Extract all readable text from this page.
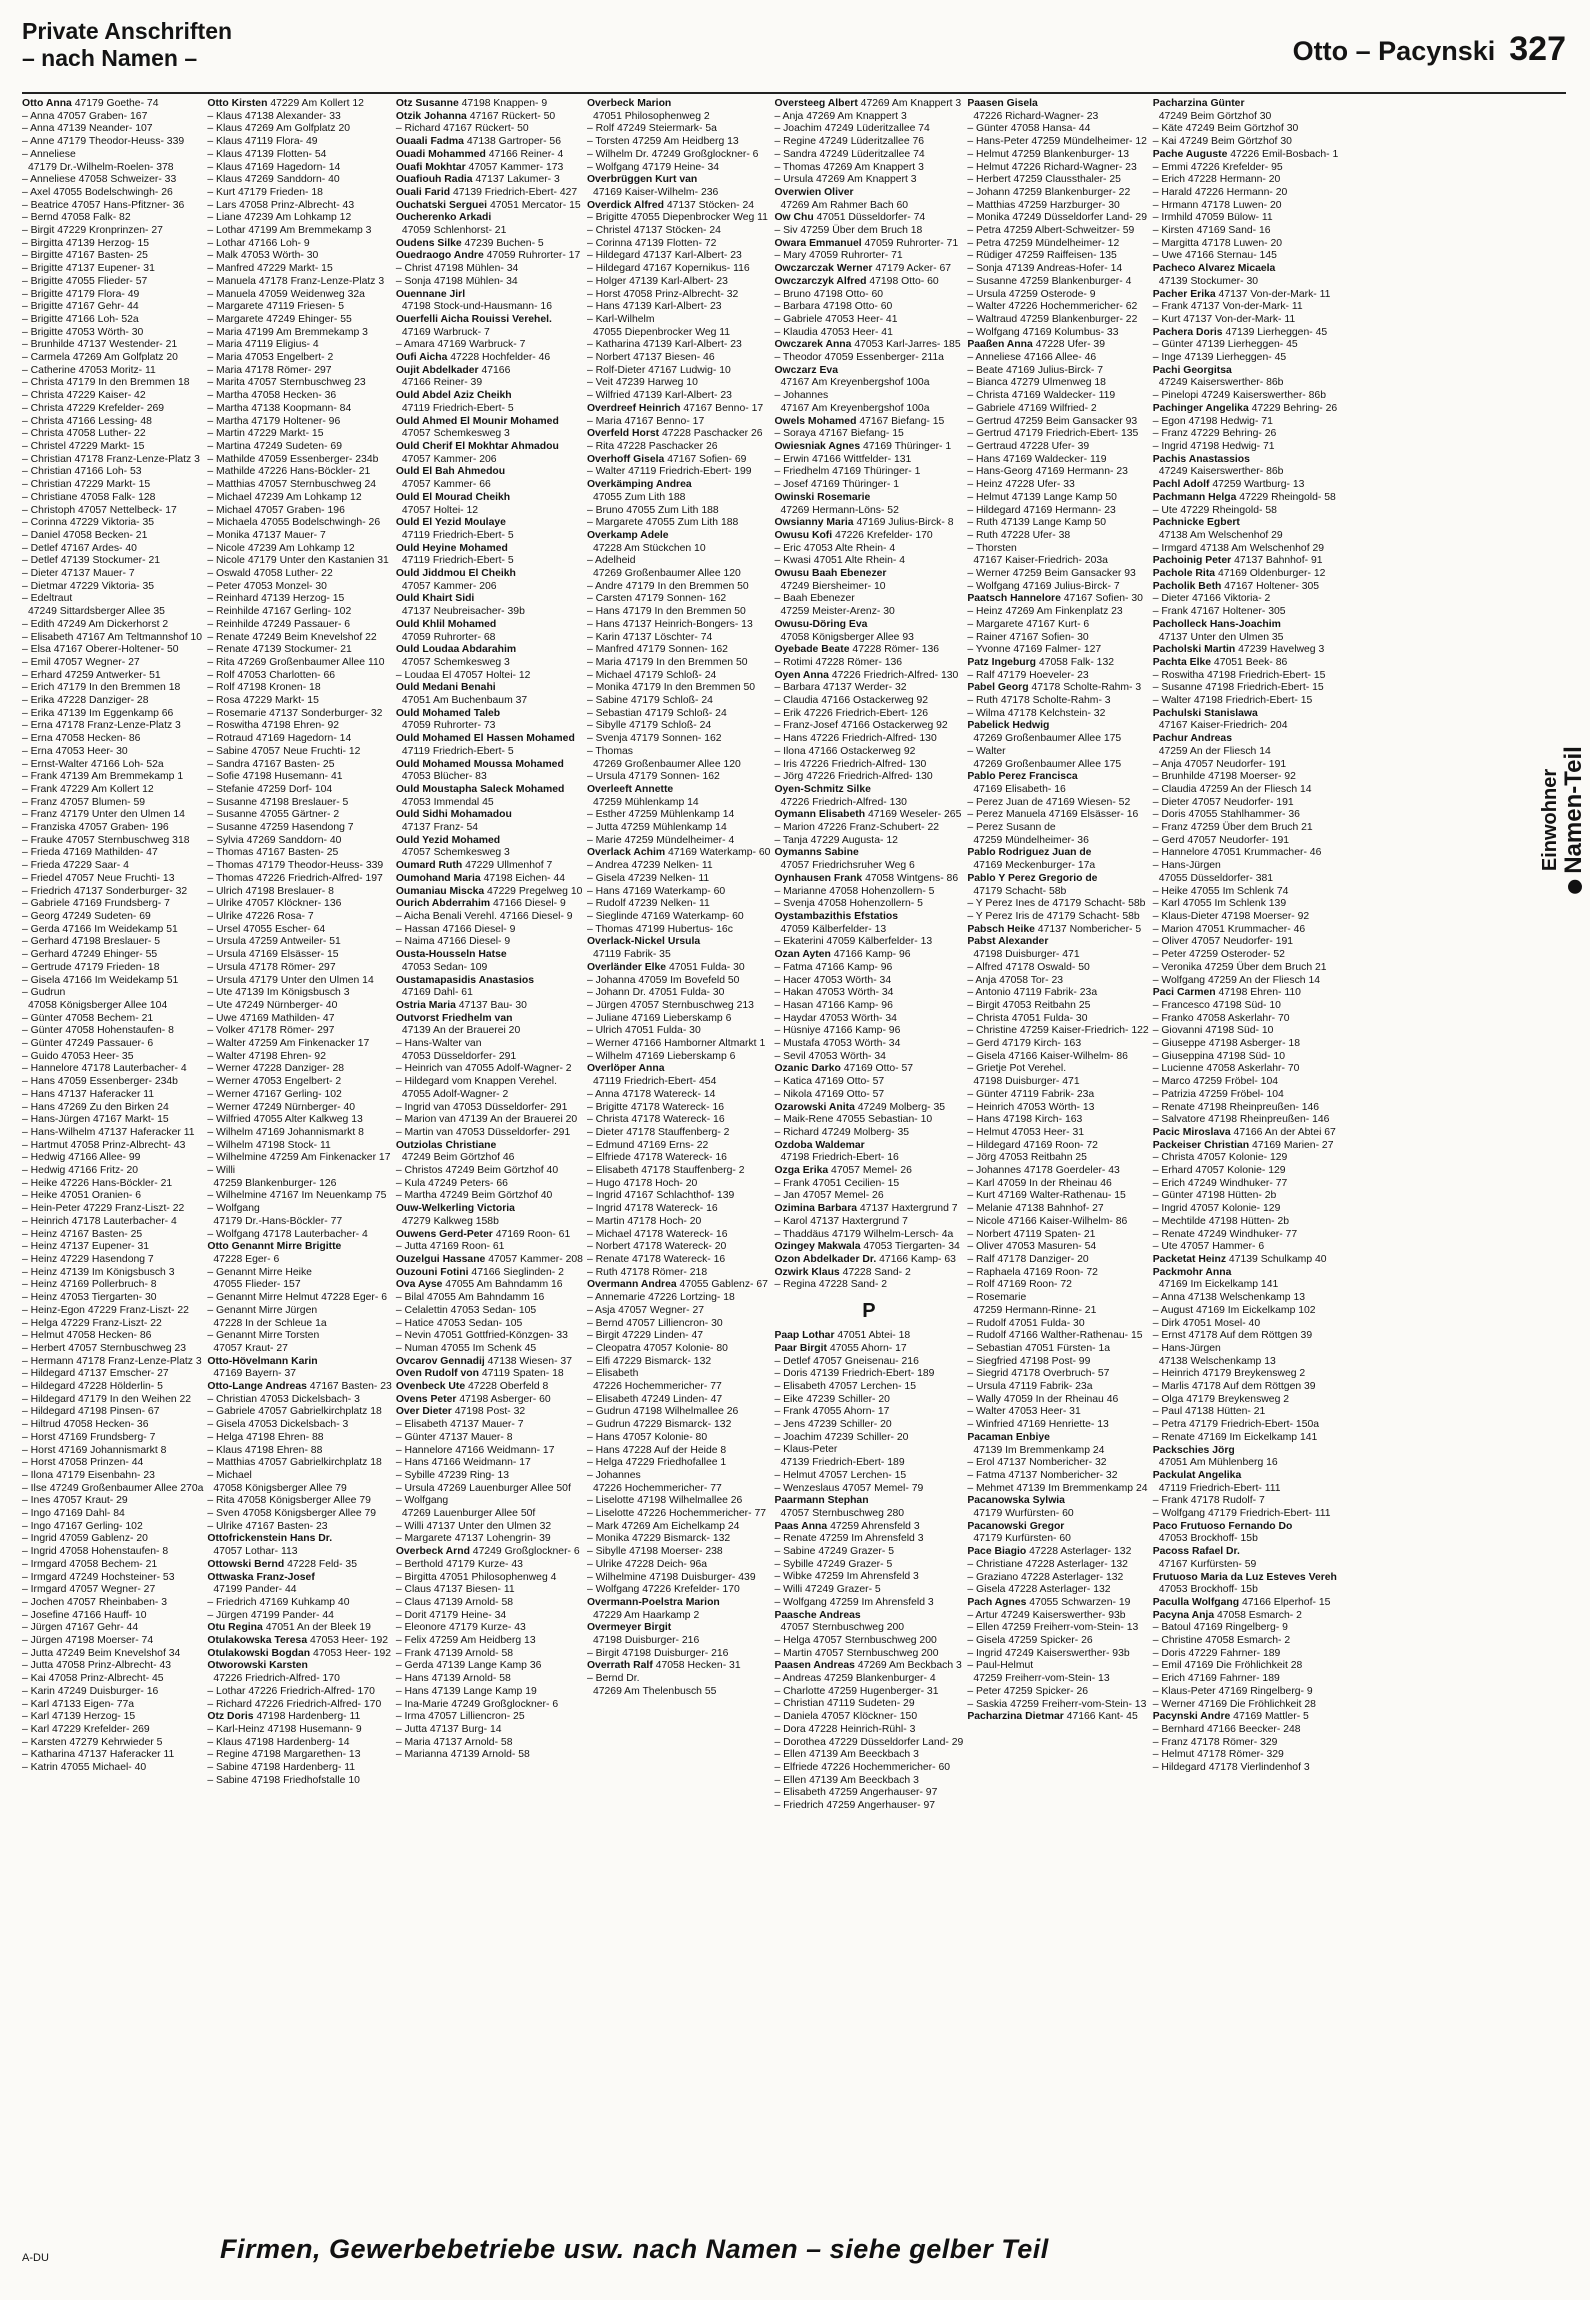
Private Anschriften
– nach Namen –	Otto – Pacynski 327
Otto Anna 47179 Goethe- 74
– Anna 47057 Graben- 167
– Anna 47139 Neander- 107
– Anne 47179 Theodor-Heuss- 339
– Anneliese
47179 Dr.-Wilhelm-Roelen- 378
– Anneliese 47058 Schweizer- 33
– Axel 47055 Bodelschwingh- 26
– Beatrice 47057 Hans-Pfitzner- 36
– Bernd 47058 Falk- 82
– Birgit 47229 Kronprinzen- 27
– Birgitta 47139 Herzog- 15
– Birgitte 47167 Basten- 25
– Brigitte 47137 Eupener- 31
– Brigitte 47055 Flieder- 57
– Brigitte 47179 Flora- 49
– Brigitte 47167 Gehr- 44
– Brigitte 47166 Loh- 52a
– Brigitte 47053 Wörth- 30
– Brunhilde 47137 Westender- 21
– Carmela 47269 Am Golfplatz 20
– Catherine 47053 Moritz- 11
– Christa 47179 In den Bremmen 18
– Christa 47229 Kaiser- 42
– Christa 47229 Krefelder- 269
– Christa 47166 Lessing- 48
– Christa 47058 Luther- 22
– Christel 47229 Markt- 15
– Christian 47178 Franz-Lenze-Platz 3
– Christian 47166 Loh- 53
– Christian 47229 Markt- 15
– Christiane 47058 Falk- 128
– Christoph 47057 Nettelbeck- 17
– Corinna 47229 Viktoria- 35
– Daniel 47058 Becken- 21
– Detlef 47167 Ardes- 40
– Detlef 47139 Stockumer- 21
– Dieter 47137 Mauer- 7
– Dietmar 47229 Viktoria- 35
– Edeltraut
47249 Sittardsberger Allee 35
– Edith 47249 Am Dickerhorst 2
– Elisabeth 47167 Am Teltmannshof 10
– Elsa 47167 Oberer-Holtener- 50
– Emil 47057 Wegner- 27
– Erhard 47259 Antwerker- 51
– Erich 47179 In den Bremmen 18
– Erika 47228 Danziger- 28
– Erika 47139 Im Eggenkamp 66
– Erna 47178 Franz-Lenze-Platz 3
– Erna 47058 Hecken- 86
– Erna 47053 Heer- 30
– Ernst-Walter 47166 Loh- 52a
– Frank 47139 Am Bremmekamp 1
– Frank 47229 Am Kollert 12
– Franz 47057 Blumen- 59
– Franz 47179 Unter den Ulmen 14
– Franziska 47057 Graben- 196
– Frauke 47057 Sternbuschweg 318
– Frieda 47169 Mathilden- 47
– Frieda 47229 Saar- 4
– Friedel 47057 Neue Fruchti- 13
– Friedrich 47137 Sonderburger- 32
– Gabriele 47169 Frundsberg- 7
– Georg 47249 Sudeten- 69
– Gerda 47166 Im Weidekamp 51
– Gerhard 47198 Breslauer- 5
– Gerhard 47249 Ehinger- 55
– Gertrude 47179 Frieden- 18
– Gisela 47166 Im Weidekamp 51
– Gudrun
47058 Königsberger Allee 104
– Günter 47058 Bechem- 21
– Günter 47058 Hohenstaufen- 8
– Günter 47249 Passauer- 6
– Guido 47053 Heer- 35
– Hannelore 47178 Lauterbacher- 4
– Hans 47059 Essenberger- 234b
– Hans 47137 Haferacker 11
– Hans 47269 Zu den Birken 24
– Hans-Jürgen 47167 Markt- 15
– Hans-Wilhelm 47137 Haferacker 11
– Hartmut 47058 Prinz-Albrecht- 43
– Hedwig 47166 Allee- 99
– Hedwig 47166 Fritz- 20
– Heike 47226 Hans-Böckler- 21
– Heike 47051 Oranien- 6
– Hein-Peter 47229 Franz-Liszt- 22
– Heinrich 47178 Lauterbacher- 4
– Heinz 47167 Basten- 25
– Heinz 47137 Eupener- 31
– Heinz 47229 Hasendong 7
– Heinz 47139 Im Königsbusch 3
– Heinz 47169 Pollerbruch- 8
– Heinz 47053 Tiergarten- 30
– Heinz-Egon 47229 Franz-Liszt- 22
– Helga 47229 Franz-Liszt- 22
– Helmut 47058 Hecken- 86
– Herbert 47057 Sternbuschweg 23
– Hermann 47178 Franz-Lenze-Platz 3
– Hildegard 47137 Emscher- 27
– Hildegard 47228 Hölderlin- 5
– Hildegard 47179 In den Weihen 22
– Hildegard 47198 Pinsen- 67
– Hiltrud 47058 Hecken- 36
– Horst 47169 Frundsberg- 7
– Horst 47169 Johannismarkt 8
– Horst 47058 Prinzen- 44
– Ilona 47179 Eisenbahn- 23
– Ilse 47249 Großenbaumer Allee 270a
– Ines 47057 Kraut- 29
– Ingo 47169 Dahl- 84
– Ingo 47167 Gerling- 102
– Ingrid 47059 Gablenz- 20
– Ingrid 47058 Hohenstaufen- 8
– Irmgard 47058 Bechem- 21
– Irmgard 47249 Hochsteiner- 53
– Irmgard 47057 Wegner- 27
– Jochen 47057 Rheinbaben- 3
– Josefine 47166 Hauff- 10
– Jürgen 47167 Gehr- 44
– Jürgen 47198 Moerser- 74
– Jutta 47249 Beim Knevelshof 34
– Jutta 47058 Prinz-Albrecht- 43
– Kai 47058 Prinz-Albrecht- 45
– Karin 47249 Duisburger- 16
– Karl 47133 Eigen- 77a
– Karl 47139 Herzog- 15
– Karl 47229 Krefelder- 269
– Karsten 47279 Kehrwieder 5
– Katharina 47137 Haferacker 11
– Katrin 47055 Michael- 40
Otto Kirsten 47229 Am Kollert 12
– Klaus 47138 Alexander- 33
– Klaus 47269 Am Golfplatz 20
– Klaus 47119 Flora- 49
– Klaus 47139 Flotten- 54
– Klaus 47169 Hagedorn- 14
– Klaus 47269 Sanddorn- 40
– Kurt 47179 Frieden- 18
– Lars 47058 Prinz-Albrecht- 43
– Liane 47239 Am Lohkamp 12
– Lothar 47199 Am Bremmekamp 3
– Lothar 47166 Loh- 9
– Malk 47053 Wörth- 30
– Manfred 47229 Markt- 15
– Manuela 47178 Franz-Lenze-Platz 3
– Manuela 47059 Weidenweg 32a
– Margarete 47119 Friesen- 5
– Margarete 47249 Ehinger- 55
– Maria 47199 Am Bremmekamp 3
– Maria 47119 Eligius- 4
– Maria 47053 Engelbert- 2
– Maria 47178 Römer- 297
– Marita 47057 Sternbuschweg 23
– Martha 47058 Hecken- 36
– Martha 47138 Koopmann- 84
– Martha 47179 Holtener- 96
– Martin 47229 Markt- 15
– Martina 47249 Sudeten- 69
– Mathilde 47059 Essenberger- 234b
– Mathilde 47226 Hans-Böckler- 21
– Matthias 47057 Sternbuschweg 24
– Michael 47239 Am Lohkamp 12
– Michael 47057 Graben- 196
– Michaela 47055 Bodelschwingh- 26
– Monika 47137 Mauer- 7
– Nicole 47239 Am Lohkamp 12
– Nicole 47179 Unter den Kastanien 31
– Oswald 47058 Luther- 22
– Peter 47053 Monzel- 30
– Reinhard 47139 Herzog- 15
– Reinhilde 47167 Gerling- 102
– Reinhilde 47249 Passauer- 6
– Renate 47249 Beim Knevelshof 22
– Renate 47139 Stockumer- 21
– Rita 47269 Großenbaumer Allee 110
– Rolf 47053 Charlotten- 66
– Rolf 47198 Kronen- 18
– Rosa 47229 Markt- 15
– Rosemarie 47137 Sonderburger- 32
– Roswitha 47198 Ehren- 92
– Rotraud 47169 Hagedorn- 14
– Sabine 47057 Neue Fruchti- 12
– Sandra 47167 Basten- 25
– Sofie 47198 Husemann- 41
– Stefanie 47259 Dorf- 104
– Susanne 47198 Breslauer- 5
– Susanne 47055 Gärtner- 2
– Susanne 47259 Hasendong 7
– Sylvia 47269 Sanddorn- 40
– Thomas 47167 Basten- 25
– Thomas 47179 Theodor-Heuss- 339
– Thomas 47226 Friedrich-Alfred- 197
– Ulrich 47198 Breslauer- 8
– Ulrike 47057 Klöckner- 136
– Ulrike 47226 Rosa- 7
– Ursel 47055 Escher- 64
– Ursula 47259 Antweiler- 51
– Ursula 47169 Elsässer- 15
– Ursula 47178 Römer- 297
– Ursula 47179 Unter den Ulmen 14
– Ute 47139 Im Königsbusch 3
– Ute 47249 Nürnberger- 40
– Uwe 47169 Mathilden- 47
– Volker 47178 Römer- 297
– Walter 47259 Am Finkenacker 17
– Walter 47198 Ehren- 92
– Werner 47228 Danziger- 28
– Werner 47053 Engelbert- 2
– Werner 47167 Gerling- 102
– Werner 47249 Nürnberger- 40
– Wilfried 47055 Alter Kalkweg 13
– Wilhelm 47169 Johannismarkt 8
– Wilhelm 47198 Stock- 11
– Wilhelmine 47259 Am Finkenacker 17
– Willi
47259 Blankenburger- 126
– Wilhelmine 47167 Im Neuenkamp 75
– Wolfgang
47179 Dr.-Hans-Böckler- 77
– Wolfgang 47178 Lauterbacher- 4
Otto Genannt Mirre Brigitte
47228 Eger- 6
– Genannt Mirre Heike
47055 Flieder- 157
– Genannt Mirre Helmut 47228 Eger- 6
– Genannt Mirre Jürgen
47228 In der Schleue 1a
– Genannt Mirre Torsten
47057 Kraut- 27
Otto-Hövelmann Karin
47169 Bayern- 37
Otto-Lange Andreas 47167 Basten- 23
– Christian 47053 Dickelsbach- 3
– Gabriele 47057 Gabrielkirchplatz 18
– Gisela 47053 Dickelsbach- 3
– Helga 47198 Ehren- 88
– Klaus 47198 Ehren- 88
– Matthias 47057 Gabrielkirchplatz 18
– Michael
47058 Königsberger Allee 79
– Rita 47058 Königsberger Allee 79
– Sven 47058 Königsberger Allee 79
– Ulrike 47167 Basten- 23
Ottofrickenstein Hans Dr.
47057 Lothar- 113
Ottowski Bernd 47228 Feld- 35
Ottwaska Franz-Josef
47199 Pander- 44
– Friedrich 47169 Kuhkamp 40
– Jürgen 47199 Pander- 44
Otu Regina 47051 An der Bleek 19
Otulakowska Teresa 47053 Heer- 192
Otulakowski Bogdan 47053 Heer- 192
Otworowski Karsten
47226 Friedrich-Alfred- 170
– Lothar 47226 Friedrich-Alfred- 170
– Richard 47226 Friedrich-Alfred- 170
Otz Doris 47198 Hardenberg- 11
– Karl-Heinz 47198 Husemann- 9
– Klaus 47198 Hardenberg- 14
– Regine 47198 Margarethen- 13
– Sabine 47198 Hardenberg- 11
– Sabine 47198 Friedhofstalle 10
Otz Susanne 47198 Knappen- 9
Otzik Johanna 47167 Rückert- 50
– Richard 47167 Rückert- 50
Ouaali Fadma 47138 Gartroper- 56
Ouadi Mohammed 47166 Reiner- 4
Ouafi Mokhtar 47057 Kammer- 173
Ouafiouh Radia 47137 Lakumer- 3
Ouali Farid 47139 Friedrich-Ebert- 427
Ouchatski Serguei 47051 Mercator- 15
Oucherenko Arkadi
47059 Schlenhorst- 21
Oudens Silke 47239 Buchen- 5
Ouedraogo Andre 47059 Ruhrorter- 17
– Christ 47198 Mühlen- 34
– Sonja 47198 Mühlen- 34
Ouennane Jirl
47198 Stock-und-Hausmann- 16
Ouerfelli Aicha Rouissi Verehel.
47169 Warbruck- 7
– Amara 47169 Warbruck- 7
Oufi Aicha 47228 Hochfelder- 46
Oujit Abdelkader 47166
47166 Reiner- 39
Ould Abdel Aziz Cheikh
47119 Friedrich-Ebert- 5
Ould Ahmed El Mounir Mohamed
47057 Schemkesweg 3
Ould Cherif El Mokhtar Ahmadou
47057 Kammer- 206
Ould El Bah Ahmedou
47057 Kammer- 66
Ould El Mourad Cheikh
47057 Holtei- 12
Ould El Yezid Moulaye
47119 Friedrich-Ebert- 5
Ould Heyine Mohamed
47119 Friedrich-Ebert- 5
Ould Jiddmou El Cheikh
47057 Kammer- 206
Ould Khairt Sidi
47137 Neubreisacher- 39b
Ould Khlil Mohamed
47059 Ruhrorter- 68
Ould Loudaa Abdarahim
47057 Schemkesweg 3
– Loudaa El 47057 Holtei- 12
Ould Medani Benahi
47051 Am Buchenbaum 37
Ould Mohamed Taleb
47059 Ruhrorter- 73
Ould Mohamed El Hassen Mohamed
47119 Friedrich-Ebert- 5
Ould Mohamed Moussa Mohamed
47053 Blücher- 83
Ould Moustapha Saleck Mohamed
47053 Immendal 45
Ould Sidhi Mohamadou
47137 Franz- 54
Ould Yezid Mohamed
47057 Schemkesweg 3
Oumard Ruth 47229 Ullmenhof 7
Oumohand Maria 47198 Eichen- 44
Oumaniau Miscka 47229 Pregelweg 10
Ourich Abderrahim 47166 Diesel- 9
– Aicha Benali Verehl. 47166 Diesel- 9
– Hassan 47166 Diesel- 9
– Naima 47166 Diesel- 9
Ousta-Housseln Hatse
47053 Sedan- 109
Oustamapasidis Anastasios
47169 Dahl- 61
Ostria Maria 47137 Bau- 30
Outvorst Friedhelm van
47139 An der Brauerei 20
– Hans-Walter van
47053 Düsseldorfer- 291
– Heinrich van 47055 Adolf-Wagner- 2
– Hildegard vom Knappen Verehel.
47055 Adolf-Wagner- 2
– Ingrid van 47053 Düsseldorfer- 291
– Marion van 47139 An der Brauerei 20
– Martin van 47053 Düsseldorfer- 291
Outziolas Christiane
47249 Beim Görtzhof 46
– Christos 47249 Beim Görtzhof 40
– Kula 47249 Peters- 66
– Martha 47249 Beim Görtzhof 40
Ouw-Welkerling Victoria
47279 Kalkweg 158b
Ouwens Gerd-Peter 47169 Roon- 61
– Jutta 47169 Roon- 61
Ouzelgui Hassane 47057 Kammer- 208
Ouzouni Fotini 47166 Sieglinden- 2
Ova Ayse 47055 Am Bahndamm 16
– Bilal 47055 Am Bahndamm 16
– Celalettin 47053 Sedan- 105
– Hatice 47053 Sedan- 105
– Nevin 47051 Gottfried-Könzgen- 33
– Numan 47055 Im Schenk 45
Ovcarov Gennadij 47138 Wiesen- 37
Oven Rudolf von 47119 Spaten- 18
Ovenbeck Ute 47228 Oberfeld 8
Ovens Peter 47198 Asberger- 60
Over Dieter 47198 Post- 32
– Elisabeth 47137 Mauer- 7
– Günter 47137 Mauer- 8
– Hannelore 47166 Weidmann- 17
– Hans 47166 Weidmann- 17
– Sybille 47239 Ring- 13
– Ursula 47269 Lauenburger Allee 50f
– Wolfgang
47269 Lauenburger Allee 50f
– Willi 47137 Unter den Ulmen 32
– Margarete 47137 Lohengrin- 39
Overbeck Arnd 47249 Großglockner- 6
– Berthold 47179 Kurze- 43
– Birgitta 47051 Philosophenweg 4
– Claus 47137 Biesen- 11
– Claus 47139 Arnold- 58
– Dorit 47179 Heine- 34
– Eleonore 47179 Kurze- 43
– Felix 47259 Am Heidberg 13
– Frank 47139 Arnold- 58
– Gerda 47139 Lange Kamp 36
– Hans 47139 Arnold- 58
– Hans 47139 Lange Kamp 19
– Ina-Marie 47249 Großglockner- 6
– Irma 47057 Lilliencron- 25
– Jutta 47137 Burg- 14
– Maria 47137 Arnold- 58
– Marianna 47139 Arnold- 58
Overbeck Marion
47051 Philosophenweg 2
– Rolf 47249 Steiermark- 5a
– Torsten 47259 Am Heidberg 13
– Wilhelm Dr. 47249 Großglockner- 6
– Wolfgang 47179 Heine- 34
Overbrüggen Kurt van
47169 Kaiser-Wilhelm- 236
Overdick Alfred 47137 Stöcken- 24
– Brigitte 47055 Diepenbrocker Weg 11
– Christel 47137 Stöcken- 24
– Corinna 47139 Flotten- 72
– Hildegard 47137 Karl-Albert- 23
– Hildegard 47167 Kopernikus- 116
– Holger 47139 Karl-Albert- 23
– Horst 47058 Prinz-Albrecht- 32
– Hans 47139 Karl-Albert- 23
– Karl-Wilhelm
47055 Diepenbrocker Weg 11
– Katharina 47139 Karl-Albert- 23
– Norbert 47137 Biesen- 46
– Rolf-Dieter 47167 Ludwig- 10
– Veit 47239 Harweg 10
– Wilfried 47139 Karl-Albert- 23
Overdreef Heinrich 47167 Benno- 17
– Maria 47167 Benno- 17
Overfeld Horst 47228 Paschacker 26
– Rita 47228 Paschacker 26
Overhoff Gisela 47167 Sofien- 69
– Walter 47119 Friedrich-Ebert- 199
Overkämping Andrea
47055 Zum Lith 188
– Bruno 47055 Zum Lith 188
– Margarete 47055 Zum Lith 188
Overkamp Adele
47228 Am Stückchen 10
– Adelheid
47269 Großenbaumer Allee 120
– Andre 47179 In den Bremmen 50
– Carsten 47179 Sonnen- 162
– Hans 47179 In den Bremmen 50
– Hans 47137 Heinrich-Bongers- 13
– Karin 47137 Löschter- 74
– Manfred 47179 Sonnen- 162
– Maria 47179 In den Bremmen 50
– Michael 47179 Schloß- 24
– Monika 47179 In den Bremmen 50
– Sabine 47179 Schloß- 24
– Sebastian 47179 Schloß- 24
– Sibylle 47179 Schloß- 24
– Svenja 47179 Sonnen- 162
– Thomas
47269 Großenbaumer Allee 120
– Ursula 47179 Sonnen- 162
Overleeft Annette
47259 Mühlenkamp 14
– Esther 47259 Mühlenkamp 14
– Jutta 47259 Mühlenkamp 14
– Marie 47259 Mündelheimer- 4
Overlack Achim 47169 Waterkamp- 60
– Andrea 47239 Nelken- 11
– Gisela 47239 Nelken- 11
– Hans 47169 Waterkamp- 60
– Rudolf 47239 Nelken- 11
– Sieglinde 47169 Waterkamp- 60
– Thomas 47199 Hubertus- 16c
Overlack-Nickel Ursula
47119 Fabrik- 35
Overländer Elke 47051 Fulda- 30
– Johanna 47059 Im Bovefeld 50
– Johann Dr. 47051 Fulda- 30
– Jürgen 47057 Sternbuschweg 213
– Juliane 47169 Lieberskamp 6
– Ulrich 47051 Fulda- 30
– Werner 47166 Hamborner Altmarkt 1
– Wilhelm 47169 Lieberskamp 6
Overlöper Anna
47119 Friedrich-Ebert- 454
– Anna 47178 Watereck- 14
– Brigitte 47178 Watereck- 16
– Christa 47178 Watereck- 16
– Dieter 47178 Stauffenberg- 2
– Edmund 47169 Erns- 22
– Elfriede 47178 Watereck- 16
– Elisabeth 47178 Stauffenberg- 2
– Hugo 47178 Hoch- 20
– Ingrid 47167 Schlachthof- 139
– Ingrid 47178 Watereck- 16
– Martin 47178 Hoch- 20
– Michael 47178 Watereck- 16
– Norbert 47178 Watereck- 20
– Renate 47178 Watereck- 16
– Ruth 47178 Römer- 218
Overmann Andrea 47055 Gablenz- 67
– Annemarie 47226 Lortzing- 18
– Asja 47057 Wegner- 27
– Bernd 47057 Lilliencron- 30
– Birgit 47229 Linden- 47
– Cleopatra 47057 Kolonie- 80
– Elfi 47229 Bismarck- 132
– Elisabeth
47226 Hochemmericher- 77
– Elisabeth 47249 Linden- 47
– Gudrun 47198 Wilhelmallee 26
– Gudrun 47229 Bismarck- 132
– Hans 47057 Kolonie- 80
– Hans 47228 Auf der Heide 8
– Helga 47229 Friedhofallee 1
– Johannes
47226 Hochemmericher- 77
– Liselotte 47198 Wilhelmallee 26
– Liselotte 47226 Hochemmericher- 77
– Mark 47269 Am Eichelkamp 24
– Monika 47229 Bismarck- 132
– Sibylle 47198 Moerser- 238
– Ulrike 47228 Deich- 96a
– Wilhelmine 47198 Duisburger- 439
– Wolfgang 47226 Krefelder- 170
Overmann-Poelstra Marion
47229 Am Haarkamp 2
Overmeyer Birgit
47198 Duisburger- 216
– Birgit 47198 Duisburger- 216
Overrath Ralf 47058 Hecken- 31
– Bernd Dr.
47269 Am Thelenbusch 55
Oversteeg Albert 47269 Am Knappert 3
– Anja 47269 Am Knappert 3
– Joachim 47249 Lüderitzallee 74
– Regine 47249 Lüderitzallee 76
– Sandra 47249 Lüderitzallee 74
– Thomas 47269 Am Knappert 3
– Ursula 47269 Am Knappert 3
Overwien Oliver
47269 Am Rahmer Bach 60
Ow Chu 47051 Düsseldorfer- 74
– Siv 47259 Über dem Bruch 18
Owara Emmanuel 47059 Ruhrorter- 71
– Mary 47059 Ruhrorter- 71
Owczarczak Werner 47179 Acker- 67
Owczarczyk Alfred 47198 Otto- 60
– Bruno 47198 Otto- 60
– Barbara 47198 Otto- 60
– Gabriele 47053 Heer- 41
– Klaudia 47053 Heer- 41
Owczarek Anna 47053 Karl-Jarres- 185
– Theodor 47059 Essenberger- 211a
Owczarz Eva
47167 Am Kreyenbergshof 100a
– Johannes
47167 Am Kreyenbergshof 100a
Owels Mohamed 47167 Biefang- 15
– Soraya 47167 Biefang- 15
Owiesniak Agnes 47169 Thüringer- 1
– Erwin 47166 Wittfelder- 131
– Friedhelm 47169 Thüringer- 1
– Josef 47169 Thüringer- 1
Owinski Rosemarie
47269 Hermann-Löns- 52
Owsianny Maria 47169 Julius-Birck- 8
Owusu Kofi 47226 Krefelder- 170
– Eric 47053 Alte Rhein- 4
– Kwasi 47051 Alte Rhein- 4
Owusu Baah Ebenezer
47249 Biersheimer- 10
– Baah Ebenezer
47259 Meister-Arenz- 30
Owusu-Döring Eva
47058 Königsberger Allee 93
Oyebade Beate 47228 Römer- 136
– Rotimi 47228 Römer- 136
Oyen Anna 47226 Friedrich-Alfred- 130
– Barbara 47137 Werder- 32
– Claudia 47166 Ostackerweg 92
– Erik 47226 Friedrich-Ebert- 126
– Franz-Josef 47166 Ostackerweg 92
– Hans 47226 Friedrich-Alfred- 130
– Ilona 47166 Ostackerweg 92
– Iris 47226 Friedrich-Alfred- 130
– Jörg 47226 Friedrich-Alfred- 130
Oyen-Schmitz Silke
47226 Friedrich-Alfred- 130
Oymann Elisabeth 47169 Weseler- 265
– Marion 47226 Franz-Schubert- 22
– Tanja 47229 Augusta- 12
Oymanns Sabine
47057 Friedrichsruher Weg 6
Oynhausen Frank 47058 Wintgens- 86
– Marianne 47058 Hohenzollern- 5
– Svenja 47058 Hohenzollern- 5
Oystambazithis Efstatios
47059 Kälberfelder- 13
– Ekaterini 47059 Kälberfelder- 13
Ozan Ayten 47166 Kamp- 96
– Fatma 47166 Kamp- 96
– Hacer 47053 Wörth- 34
– Hakan 47053 Wörth- 34
– Hasan 47166 Kamp- 96
– Haydar 47053 Wörth- 34
– Hüsniye 47166 Kamp- 96
– Mustafa 47053 Wörth- 34
– Sevil 47053 Wörth- 34
Ozanic Darko 47169 Otto- 57
– Katica 47169 Otto- 57
– Nikola 47169 Otto- 57
Ozarowski Anita 47249 Molberg- 35
– Maik-Rene 47055 Sebastian- 10
– Richard 47249 Molberg- 35
Ozdoba Waldemar
47198 Friedrich-Ebert- 16
Ozga Erika 47057 Memel- 26
– Frank 47051 Cecilien- 15
– Jan 47057 Memel- 26
Ozimina Barbara 47137 Haxtergrund 7
– Karol 47137 Haxtergrund 7
– Thaddäus 47179 Wilhelm-Lersch- 4a
Ozingey Makwala 47053 Tiergarten- 34
Ozon Abdelkader Dr. 47166 Kamp- 63
Ozwirk Klaus 47228 Sand- 2
– Regina 47228 Sand- 2
P
Paap Lothar 47051 Abtei- 18
Paar Birgit 47055 Ahorn- 17
– Detlef 47057 Gneisenau- 216
– Doris 47139 Friedrich-Ebert- 189
– Elisabeth 47057 Lerchen- 15
– Eike 47239 Schiller- 20
– Frank 47055 Ahorn- 17
– Jens 47239 Schiller- 20
– Joachim 47239 Schiller- 20
– Klaus-Peter
47139 Friedrich-Ebert- 189
– Helmut 47057 Lerchen- 15
– Wenzeslaus 47057 Memel- 79
Paarmann Stephan
47057 Sternbuschweg 280
Paas Anna 47259 Ahrensfeld 3
– Renate 47259 Im Ahrensfeld 3
– Sabine 47249 Grazer- 5
– Sybille 47249 Grazer- 5
– Wibke 47259 Im Ahrensfeld 3
– Willi 47249 Grazer- 5
– Wolfgang 47259 Im Ahrensfeld 3
Paasche Andreas
47057 Sternbuschweg 200
– Helga 47057 Sternbuschweg 200
– Martin 47057 Sternbuschweg 200
Paasen Andreas 47269 Am Beckbach 3
– Andreas 47259 Blankenburger- 4
– Charlotte 47259 Hugenberger- 31
– Christian 47119 Sudeten- 29
– Daniela 47057 Klöckner- 150
– Dora 47228 Heinrich-Rühl- 3
– Dorothea 47229 Düsseldorfer Land- 29
– Ellen 47139 Am Beeckbach 3
– Elfriede 47226 Hochemmericher- 60
– Ellen 47139 Am Beeckbach 3
– Elisabeth 47259 Angerhauser- 97
– Friedrich 47259 Angerhauser- 97
Paasen Gisela
47226 Richard-Wagner- 23
– Günter 47058 Hansa- 44
– Hans-Peter 47259 Mündelheimer- 12
– Helmut 47259 Blankenburger- 13
– Helmut 47226 Richard-Wagner- 23
– Herbert 47259 Claussthaler- 25
– Johann 47259 Blankenburger- 22
– Matthias 47259 Harzburger- 30
– Monika 47249 Düsseldorfer Land- 29
– Petra 47259 Albert-Schweitzer- 59
– Petra 47259 Mündelheimer- 12
– Rüdiger 47259 Raiffeisen- 135
– Sonja 47139 Andreas-Hofer- 14
– Susanne 47259 Blankenburger- 4
– Ursula 47259 Osterode- 9
– Walter 47226 Hochemmericher- 62
– Waltraud 47259 Blankenburger- 22
– Wolfgang 47169 Kolumbus- 33
Paaßen Anna 47228 Ufer- 39
– Anneliese 47166 Allee- 46
– Beate 47169 Julius-Birck- 7
– Bianca 47279 Ulmenweg 18
– Christa 47169 Waldecker- 119
– Gabriele 47169 Wilfried- 2
– Gertrud 47259 Beim Gansacker 93
– Gertrud 47179 Friedrich-Ebert- 135
– Gertraud 47228 Ufer- 39
– Hans 47169 Waldecker- 119
– Hans-Georg 47169 Hermann- 23
– Heinz 47228 Ufer- 33
– Helmut 47139 Lange Kamp 50
– Hildegard 47169 Hermann- 23
– Ruth 47139 Lange Kamp 50
– Ruth 47228 Ufer- 38
– Thorsten
47167 Kaiser-Friedrich- 203a
– Werner 47259 Beim Gansacker 93
– Wolfgang 47169 Julius-Birck- 7
Paatsch Hannelore 47167 Sofien- 30
– Heinz 47269 Am Finkenplatz 23
– Margarete 47167 Kurt- 6
– Rainer 47167 Sofien- 30
– Yvonne 47169 Falmer- 127
Patz Ingeburg 47058 Falk- 132
– Ralf 47179 Hoeveler- 23
Pabel Georg 47178 Scholte-Rahm- 3
– Ruth 47178 Scholte-Rahm- 3
– Wilma 47178 Kelchstein- 32
Pabelick Hedwig
47269 Großenbaumer Allee 175
– Walter
47269 Großenbaumer Allee 175
Pablo Perez Francisca
47169 Elisabeth- 16
– Perez Juan de 47169 Wiesen- 52
– Perez Manuela 47169 Elsässer- 16
– Perez Susann de
47259 Mündelheimer- 36
Pablo Rodriguez Juan de
47169 Meckenburger- 17a
Pablo Y Perez Gregorio de
47179 Schacht- 58b
– Y Perez Ines de 47179 Schacht- 58b
– Y Perez Iris de 47179 Schacht- 58b
Pabsch Heike 47137 Nombericher- 5
Pabst Alexander
47198 Duisburger- 471
– Alfred 47178 Oswald- 50
– Anja 47058 Tor- 23
– Antonio 47119 Fabrik- 23a
– Birgit 47053 Reitbahn 25
– Christa 47051 Fulda- 30
– Christine 47259 Kaiser-Friedrich- 122
– Gerd 47179 Kirch- 163
– Gisela 47166 Kaiser-Wilhelm- 86
– Grietje Pot Verehel.
47198 Duisburger- 471
– Günter 47119 Fabrik- 23a
– Heinrich 47053 Wörth- 13
– Hans 47198 Kirch- 163
– Helmut 47053 Heer- 31
– Hildegard 47169 Roon- 72
– Jörg 47053 Reitbahn 25
– Johannes 47178 Goerdeler- 43
– Karl 47059 In der Rheinau 46
– Kurt 47169 Walter-Rathenau- 15
– Melanie 47138 Bahnhof- 27
– Nicole 47166 Kaiser-Wilhelm- 86
– Norbert 47119 Spaten- 21
– Oliver 47053 Masuren- 54
– Ralf 47178 Danziger- 20
– Raphaela 47169 Roon- 72
– Rolf 47169 Roon- 72
– Rosemarie
47259 Hermann-Rinne- 21
– Rudolf 47051 Fulda- 30
– Rudolf 47166 Walther-Rathenau- 15
– Sebastian 47051 Fürsten- 1a
– Siegfried 47198 Post- 99
– Siegrid 47178 Overbruch- 57
– Ursula 47119 Fabrik- 23a
– Wally 47059 In der Rheinau 46
– Walter 47053 Heer- 31
– Winfried 47169 Henriette- 13
Pacaman Enbiye
47139 Im Bremmenkamp 24
– Erol 47137 Nombericher- 32
– Fatma 47137 Nombericher- 32
– Mehmet 47139 Im Bremmenkamp 24
Pacanowska Sylwia
47179 Wurfürsten- 60
Pacanowski Gregor
47179 Kurfürsten- 60
Pace Biagio 47228 Asterlager- 132
– Christiane 47228 Asterlager- 132
– Graziano 47228 Asterlager- 132
– Gisela 47228 Asterlager- 132
Pach Agnes 47055 Schwarzen- 19
– Artur 47249 Kaiserswerther- 93b
– Ellen 47259 Freiherr-vom-Stein- 13
– Gisela 47259 Spicker- 26
– Ingrid 47249 Kaiserswerther- 93b
– Paul-Helmut
47259 Freiherr-vom-Stein- 13
– Peter 47259 Spicker- 26
– Saskia 47259 Freiherr-vom-Stein- 13
Pacharzina Dietmar 47166 Kant- 45
Pacharzina Günter
47249 Beim Görtzhof 30
– Käte 47249 Beim Görtzhof 30
– Kai 47249 Beim Görtzhof 30
Pache Auguste 47226 Emil-Bosbach- 1
– Emmi 47226 Krefelder- 95
– Erich 47228 Hermann- 20
– Harald 47226 Hermann- 20
– Hrmann 47178 Luwen- 20
– Irmhild 47059 Bülow- 11
– Kirsten 47169 Sand- 16
– Margitta 47178 Luwen- 20
– Uwe 47166 Sternau- 145
Pacheco Alvarez Micaela
47139 Stockumer- 30
Pacher Erika 47137 Von-der-Mark- 11
– Frank 47137 Von-der-Mark- 11
– Kurt 47137 Von-der-Mark- 11
Pachera Doris 47139 Lierheggen- 45
– Günter 47139 Lierheggen- 45
– Inge 47139 Lierheggen- 45
Pachi Georgitsa
47249 Kaiserswerther- 86b
– Pinelopi 47249 Kaiserswerther- 86b
Pachinger Angelika 47229 Behring- 26
– Egon 47198 Hedwig- 71
– Franz 47229 Behring- 26
– Ingrid 47198 Hedwig- 71
Pachis Anastassios
47249 Kaiserswerther- 86b
Pachl Adolf 47259 Wartburg- 13
Pachmann Helga 47229 Rheingold- 58
– Ute 47229 Rheingold- 58
Pachnicke Egbert
47138 Am Welschenhof 29
– Irmgard 47138 Am Welschenhof 29
Pachoinig Peter 47137 Bahnhof- 91
Pachole Rita 47169 Oldenburger- 12
Pacholik Beth 47167 Holtener- 305
– Dieter 47166 Viktoria- 2
– Frank 47167 Holtener- 305
Pacholleck Hans-Joachim
47137 Unter den Ulmen 35
Pacholski Martin 47239 Havelweg 3
Pachta Elke 47051 Beek- 86
– Roswitha 47198 Friedrich-Ebert- 15
– Susanne 47198 Friedrich-Ebert- 15
– Walter 47198 Friedrich-Ebert- 15
Pachulski Stanislawa
47167 Kaiser-Friedrich- 204
Pachur Andreas
47259 An der Fliesch 14
– Anja 47057 Neudorfer- 191
– Brunhilde 47198 Moerser- 92
– Claudia 47259 An der Fliesch 14
– Dieter 47057 Neudorfer- 191
– Doris 47055 Stahlhammer- 36
– Franz 47259 Über dem Bruch 21
– Gerd 47057 Neudorfer- 191
– Hannelore 47051 Krummacher- 46
– Hans-Jürgen
47055 Düsseldorfer- 381
– Heike 47055 Im Schlenk 74
– Karl 47055 Im Schlenk 139
– Klaus-Dieter 47198 Moerser- 92
– Marion 47051 Krummacher- 46
– Oliver 47057 Neudorfer- 191
– Peter 47259 Osteroder- 52
– Veronika 47259 Über dem Bruch 21
– Wolfgang 47259 An der Fliesch 14
Paci Carmen 47198 Ehren- 110
– Francesco 47198 Süd- 10
– Franko 47058 Askerlahr- 70
– Giovanni 47198 Süd- 10
– Giuseppe 47198 Asberger- 18
– Giuseppina 47198 Süd- 10
– Lucienne 47058 Askerlahr- 70
– Marco 47259 Fröbel- 104
– Patrizia 47259 Fröbel- 104
– Renate 47198 Rheinpreußen- 146
– Salvatore 47198 Rheinpreußen- 146
Pacic Miroslava 47166 An der Abtei 67
Packeiser Christian 47169 Marien- 27
– Christa 47057 Kolonie- 129
– Erhard 47057 Kolonie- 129
– Erich 47249 Windhuker- 77
– Günter 47198 Hütten- 2b
– Ingrid 47057 Kolonie- 129
– Mechtilde 47198 Hütten- 2b
– Renate 47249 Windhuker- 77
– Ute 47057 Hammer- 6
Packetat Heinz 47139 Schulkamp 40
Packmohr Anna
47169 Im Eickelkamp 141
– Anna 47138 Welschenkamp 13
– August 47169 Im Eickelkamp 102
– Dirk 47051 Mosel- 40
– Ernst 47178 Auf dem Röttgen 39
– Hans-Jürgen
47138 Welschenkamp 13
– Heinrich 47179 Breykensweg 2
– Marlis 47178 Auf dem Röttgen 39
– Olga 47179 Breykensweg 2
– Paul 47138 Hütten- 21
– Petra 47179 Friedrich-Ebert- 150a
– Renate 47169 Im Eickelkamp 141
Packschies Jörg
47051 Am Mühlenberg 16
Packulat Angelika
47119 Friedrich-Ebert- 111
– Frank 47178 Rudolf- 7
– Wolfgang 47179 Friedrich-Ebert- 111
Paco Frutuoso Fernando Do
47053 Brockhoff- 15b
Pacoss Rafael Dr.
47167 Kurfürsten- 59
Frutuoso Maria da Luz Esteves Vereh
47053 Brockhoff- 15b
Paculla Wolfgang 47166 Elperhof- 15
Pacyna Anja 47058 Esmarch- 2
– Batoul 47169 Ringelberg- 9
– Christine 47058 Esmarch- 2
– Doris 47229 Fahrner- 189
– Emil 47169 Die Fröhlichkeit 28
– Erich 47169 Fahrner- 189
– Klaus-Peter 47169 Ringelberg- 9
– Werner 47169 Die Fröhlichkeit 28
Pacynski Andre 47169 Mattler- 5
– Bernhard 47166 Beecker- 248
– Franz 47178 Römer- 329
– Helmut 47178 Römer- 329
– Hildegard 47178 Vierlindenhof 3
Einwohner Namen-Teil
A-DU	Firmen, Gewerbebetriebe usw. nach Namen – siehe gelber Teil
